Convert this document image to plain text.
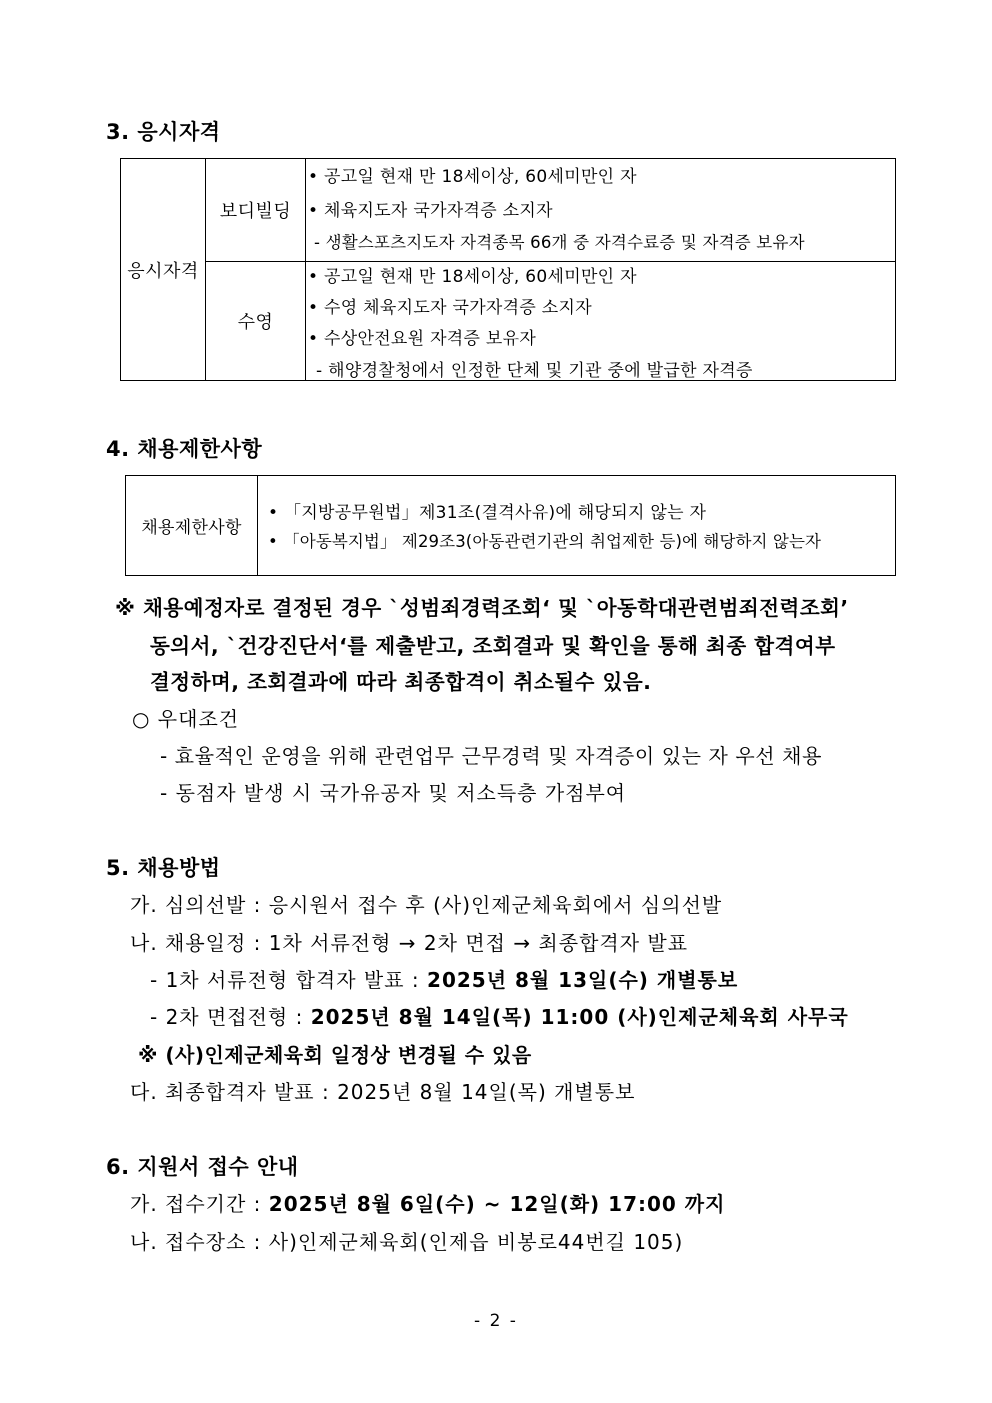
3. 응시자격
응시자격	보디빌딩	• 공고일 현재 만 18세이상, 60세미만인 자
• 체육지도자 국가자격증 소지자
- 생활스포츠지도자 자격종목 66개 중 자격수료증 및 자격증 보유자

	수영	• 공고일 현재 만 18세이상, 60세미만인 자
• 수영 체육지도자 국가자격증 소지자
• 수상안전요원 자격증 보유자
- 해양경찰청에서 인정한 단체 및 기관 중에 발급한 자격증
4. 채용제한사항
채용제한사항	
• 「지방공무원법」제31조(결격사유)에 해당되지 않는 자
• 「아동복지법」 제29조3(아동관련기관의 취업제한 등)에 해당하지 않는자
※ 채용예정자로 결정된 경우 `성범죄경력조회‘ 및 `아동학대관련범죄전력조회’
동의서, `건강진단서‘를 제출받고, 조회결과 및 확인을 통해 최종 합격여부
결정하며, 조회결과에 따라 최종합격이 취소될수 있음.
○ 우대조건
- 효율적인 운영을 위해 관련업무 근무경력 및 자격증이 있는 자 우선 채용
- 동점자 발생 시 국가유공자 및 저소득층 가점부여
5. 채용방법
가. 심의선발 : 응시원서 접수 후 (사)인제군체육회에서 심의선발
나. 채용일정 : 1차 서류전형 → 2차 면접 → 최종합격자 발표
- 1차 서류전형 합격자 발표 : 2025년 8월 13일(수) 개별통보
- 2차 면접전형 : 2025년 8월 14일(목) 11:00 (사)인제군체육회 사무국
※ (사)인제군체육회 일정상 변경될 수 있음
다. 최종합격자 발표 : 2025년 8월 14일(목) 개별통보
6. 지원서 접수 안내
가. 접수기간 : 2025년 8월 6일(수) ~ 12일(화) 17:00 까지
나. 접수장소 : 사)인제군체육회(인제읍 비봉로44번길 105)
- 2 -
